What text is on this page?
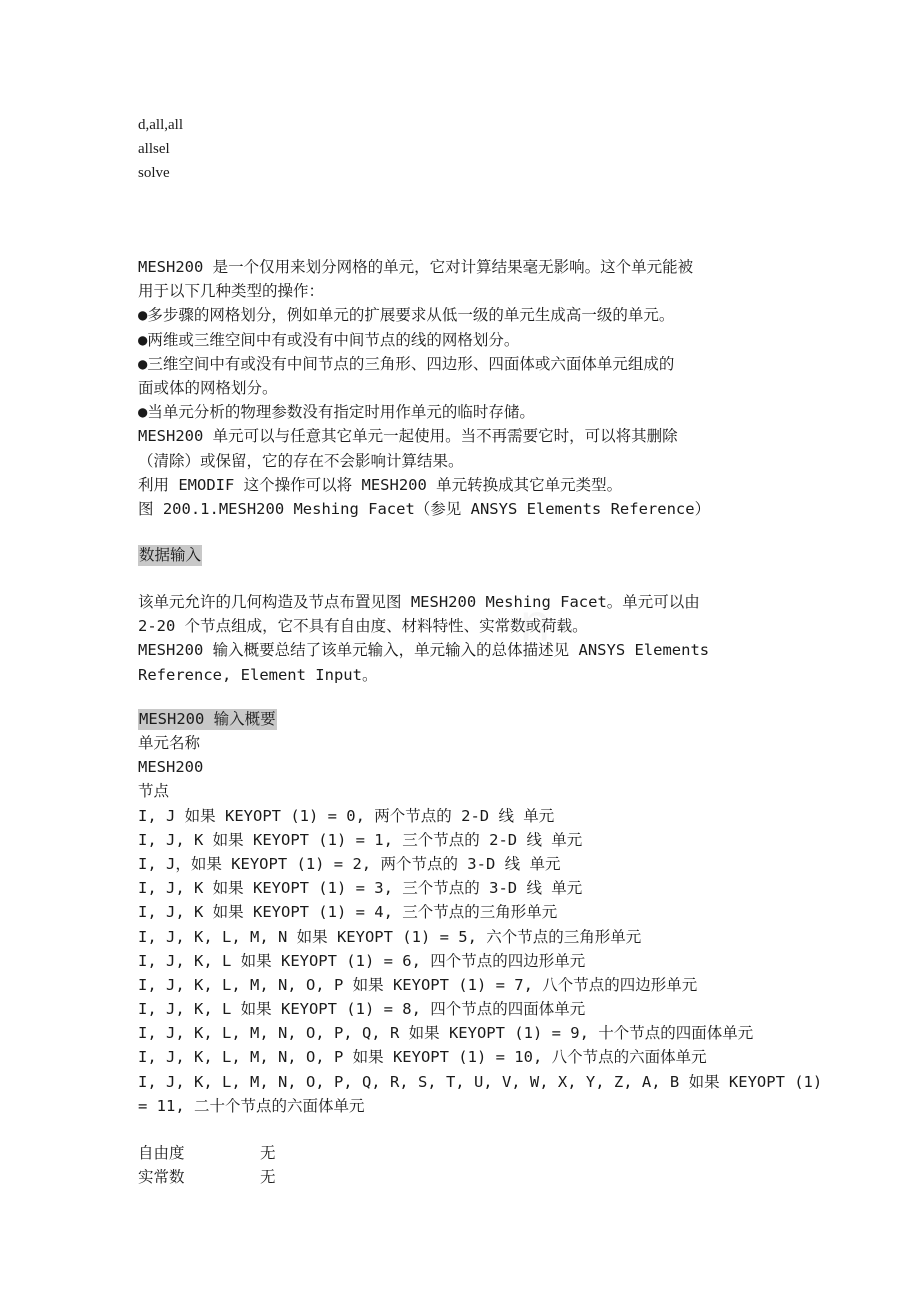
d,all,all
allsel
solve
MESH200 是一个仅用来划分网格的单元，它对计算结果毫无影响。这个单元能被
用于以下几种类型的操作：
●多步骤的网格划分，例如单元的扩展要求从低一级的单元生成高一级的单元。
●两维或三维空间中有或没有中间节点的线的网格划分。
●三维空间中有或没有中间节点的三角形、四边形、四面体或六面体单元组成的
面或体的网格划分。
●当单元分析的物理参数没有指定时用作单元的临时存储。
MESH200 单元可以与任意其它单元一起使用。当不再需要它时，可以将其删除
（清除）或保留，它的存在不会影响计算结果。
利用 EMODIF 这个操作可以将 MESH200 单元转换成其它单元类型。
图 200.1.MESH200 Meshing Facet（参见 ANSYS Elements Reference）
数据输入
该单元允许的几何构造及节点布置见图 MESH200 Meshing Facet。单元可以由
2-20 个节点组成，它不具有自由度、材料特性、实常数或荷载。
MESH200 输入概要总结了该单元输入，单元输入的总体描述见 ANSYS Elements
Reference, Element Input。
MESH200 输入概要
单元名称
MESH200
节点
I, J 如果 KEYOPT (1) = 0, 两个节点的 2-D 线 单元
I, J, K 如果 KEYOPT (1) = 1, 三个节点的 2-D 线 单元
I, J，如果 KEYOPT (1) = 2, 两个节点的 3-D 线 单元
I, J, K 如果 KEYOPT (1) = 3, 三个节点的 3-D 线 单元
I, J, K 如果 KEYOPT (1) = 4, 三个节点的三角形单元
I, J, K, L, M, N 如果 KEYOPT (1) = 5, 六个节点的三角形单元
I, J, K, L 如果 KEYOPT (1) = 6, 四个节点的四边形单元
I, J, K, L, M, N, O, P 如果 KEYOPT (1) = 7, 八个节点的四边形单元
I, J, K, L 如果 KEYOPT (1) = 8, 四个节点的四面体单元
I, J, K, L, M, N, O, P, Q, R 如果 KEYOPT (1) = 9, 十个节点的四面体单元
I, J, K, L, M, N, O, P 如果 KEYOPT (1) = 10, 八个节点的六面体单元
I, J, K, L, M, N, O, P, Q, R, S, T, U, V, W, X, Y, Z, A, B 如果 KEYOPT (1)
= 11, 二十个节点的六面体单元
自由度	无
实常数	无
